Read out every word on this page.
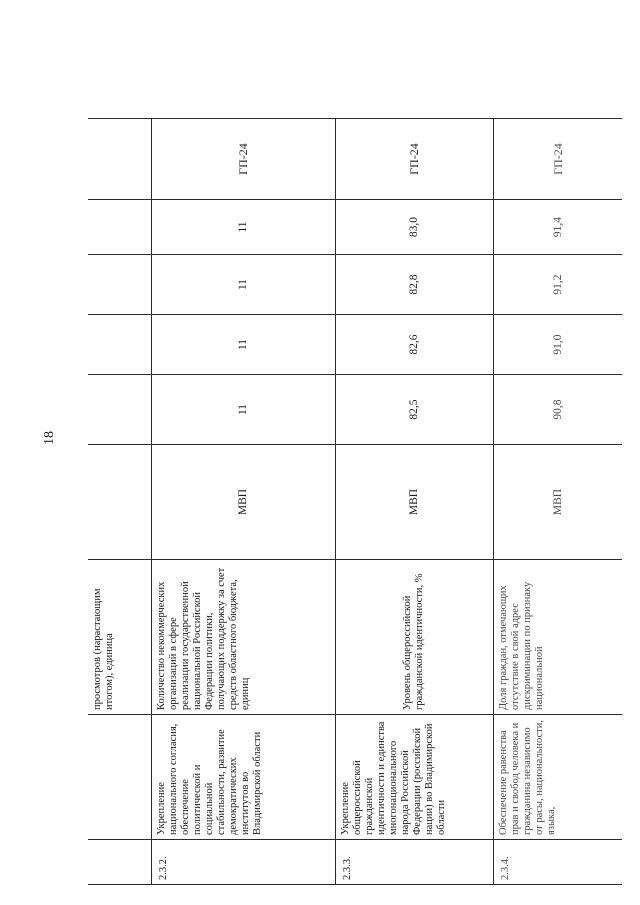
18
		просмотров (нарастающим итогом), единица						
2.3.2.	Укрепление национального согласия, обеспечение политической и социальной стабильности, развитие демократических институтов во Владимирской области	Количество некоммерческих организаций в сфере реализации государственной национальной Российской Федерации политики, получающих поддержку за счет средств областного бюджета, единиц	МВП	11	11	11	11	ГП-24
2.3.3.	Укрепление общероссийской гражданской идентичности и единства многонационального народа Российской Федерации (российской нации) во Владимирской области	Уровень общероссийской гражданской идентичности, %	МВП	82,5	82,6	82,8	83,0	ГП-24
2.3.4.	Обеспечение равенства прав и свобод человека и гражданина независимо от расы, национальности, языка,	Доля граждан, отмечающих отсутствие в свой адрес дискриминации по признаку национальной	МВП	90,8	91,0	91,2	91,4	ГП-24
